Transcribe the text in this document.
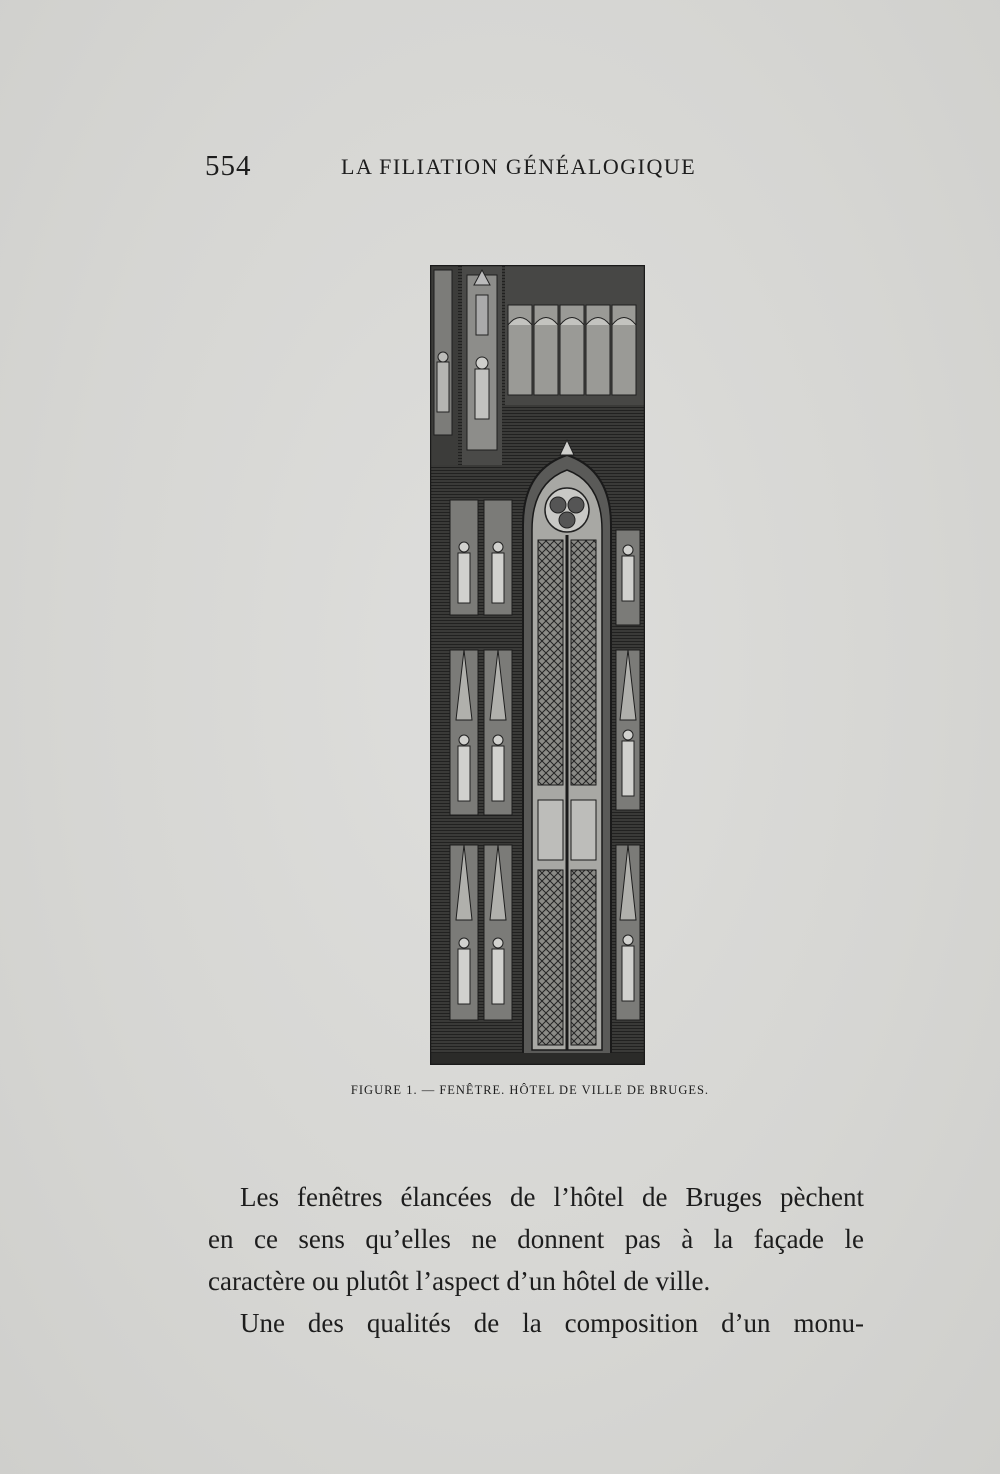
554	LA FILIATION GÉNÉALOGIQUE
FIGURE 1. — FENÊTRE. HÔTEL DE VILLE DE BRUGES.
Les fenêtres élancées de l’hôtel de Bruges pèchent
en ce sens qu’elles ne donnent pas à la façade le
caractère ou plutôt l’aspect d’un hôtel de ville.
Une des qualités de la composition d’un monu-
